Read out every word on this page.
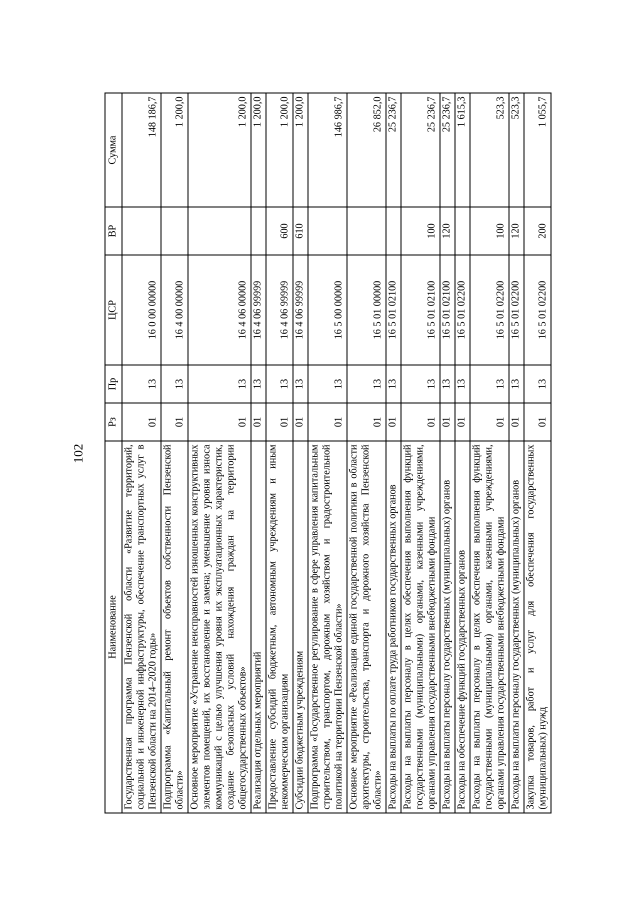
102
Наименование	Рз	Пр	ЦСР	ВР	Сумма
Государственная программа Пензенской области «Развитие территорий, социальной и инженерной инфраструктуры, обеспечение транспортных услуг в Пензенской области на 2014–2020 годы»	01	13	16 0 00 00000		148 186,7
Подпрограмма «Капитальный ремонт объектов собственности Пензенской области»	01	13	16 4 00 00000		1 200,0
Основное мероприятие «Устранение неисправностей изношенных конструктивных элементов помещений, их восстановление и замена; уменьшение уровня износа коммуникаций с целью улучшения уровня их эксплуатационных характеристик, создание безопасных условий нахождения граждан на территории общегосударственных объектов»	01	13	16 4 06 00000		1 200,0
Реализация отдельных мероприятий	01	13	16 4 06 99999		1 200,0
Предоставление субсидий бюджетным, автономным учреждениям и иным некоммерческим организациям	01	13	16 4 06 99999	600	1 200,0
Субсидии бюджетным учреждениям	01	13	16 4 06 99999	610	1 200,0
Подпрограмма «Государственное регулирование в сфере управления капитальным строительством, транспортом, дорожным хозяйством и градостроительной политикой на территории Пензенской области»	01	13	16 5 00 00000		146 986,7
Основное мероприятие «Реализация единой государственной политики в области архитектуры, строительства, транспорта и дорожного хозяйства Пензенской области»	01	13	16 5 01 00000		26 852,0
Расходы на выплаты по оплате труда работников государственных органов	01	13	16 5 01 02100		25 236,7
Расходы на выплаты персоналу в целях обеспечения выполнения функций государственными (муниципальными) органами, казенными учреждениями, органами управления государственными внебюджетными фондами	01	13	16 5 01 02100	100	25 236,7
Расходы на выплаты персоналу государственных (муниципальных) органов	01	13	16 5 01 02100	120	25 236,7
Расходы на обеспечение функций государственных органов	01	13	16 5 01 02200		1 615,3
Расходы на выплаты персоналу в целях обеспечения выполнения функций государственными (муниципальными) органами, казенными учреждениями, органами управления государственными внебюджетными фондами	01	13	16 5 01 02200	100	523,3
Расходы на выплаты персоналу государственных (муниципальных) органов	01	13	16 5 01 02200	120	523,3
Закупка товаров, работ и услуг для обеспечения государственных (муниципальных) нужд	01	13	16 5 01 02200	200	1 055,7
